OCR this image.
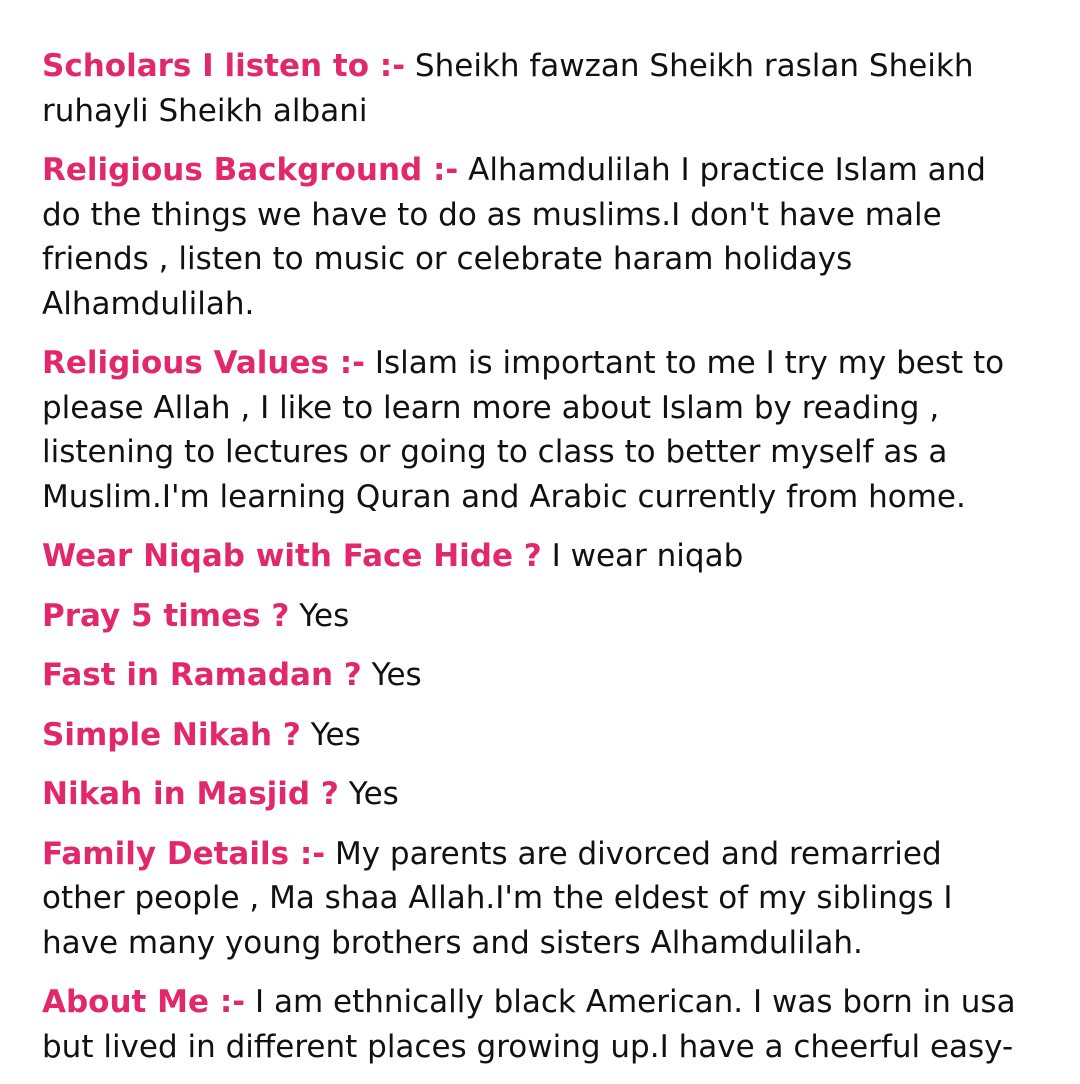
Scholars I listen to :- Sheikh fawzan Sheikh raslan Sheikh ruhayli Sheikh albani

Religious Background :- Alhamdulilah I practice Islam and do the things we have to do as muslims.I don't have male friends , listen to music or celebrate haram holidays Alhamdulilah.

Religious Values :- Islam is important to me I try my best to please Allah , I like to learn more about Islam by reading , listening to lectures or going to class to better myself as a Muslim.I'm learning Quran and Arabic currently from home.

Wear Niqab with Face Hide ? I wear niqab

Pray 5 times ? Yes

Fast in Ramadan ? Yes

Simple Nikah ? Yes

Nikah in Masjid ? Yes

Family Details :- My parents are divorced and remarried other people , Ma shaa Allah.I'm the eldest of my siblings I have many young brothers and sisters Alhamdulilah.

About Me :- I am ethnically black American. I was born in usa but lived in different places growing up.I have a cheerful easy-
